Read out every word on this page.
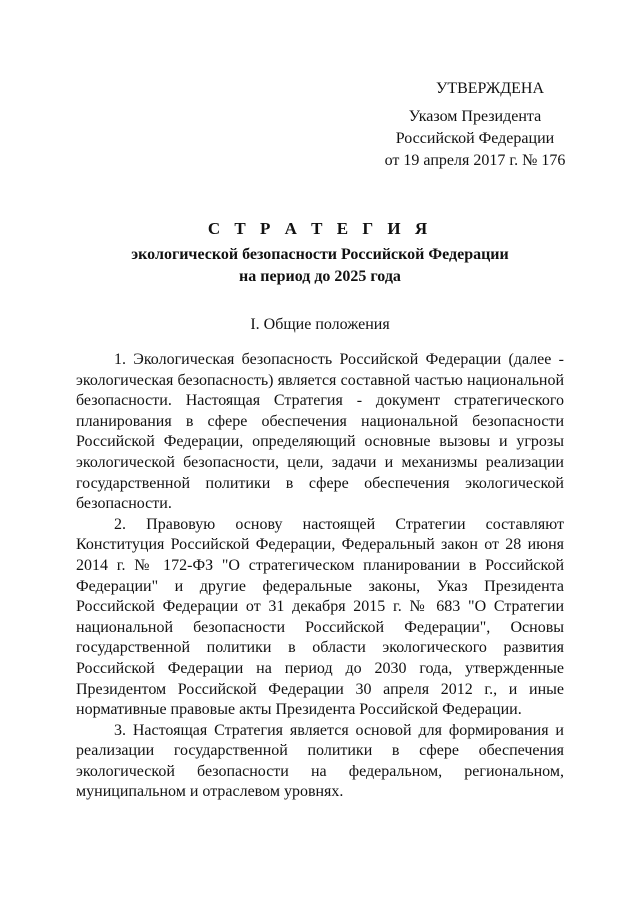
УТВЕРЖДЕНА
Указом Президента
Российской Федерации
от 19 апреля 2017 г. № 176
С Т Р А Т Е Г И Я
экологической безопасности Российской Федерации
на период до 2025 года
I. Общие положения

1. Экологическая безопасность Российской Федерации (далее - экологическая безопасность) является составной частью национальной безопасности. Настоящая Стратегия - документ стратегического планирования в сфере обеспечения национальной безопасности Российской Федерации, определяющий основные вызовы и угрозы экологической безопасности, цели, задачи и механизмы реализации государственной политики в сфере обеспечения экологической безопасности.

2. Правовую основу настоящей Стратегии составляют Конституция Российской Федерации, Федеральный закон от 28 июня 2014 г. № 172-ФЗ "О стратегическом планировании в Российской Федерации" и другие федеральные законы, Указ Президента Российской Федерации от 31 декабря 2015 г. № 683 "О Стратегии национальной безопасности Российской Федерации", Основы государственной политики в области экологического развития Российской Федерации на период до 2030 года, утвержденные Президентом Российской Федерации 30 апреля 2012 г., и иные нормативные правовые акты Президента Российской Федерации.

3. Настоящая Стратегия является основой для формирования и реализации государственной политики в сфере обеспечения экологической безопасности на федеральном, региональном, муниципальном и отраслевом уровнях.
